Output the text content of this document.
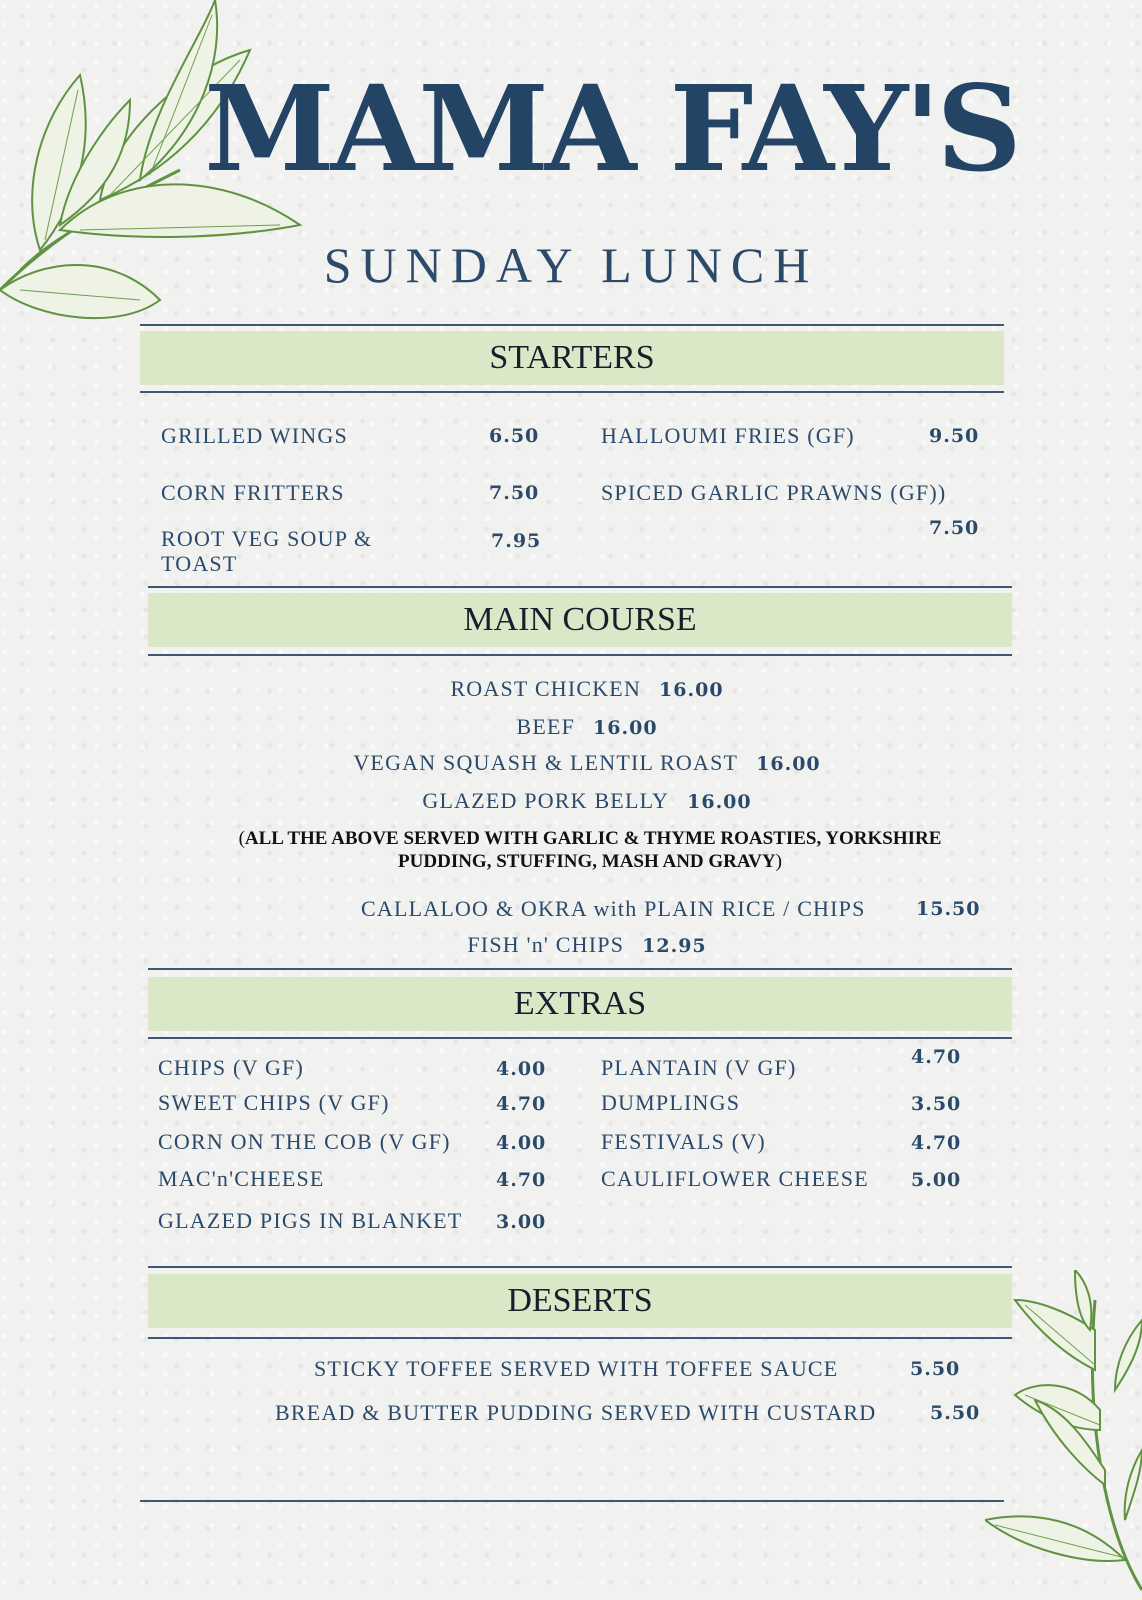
MAMA FAY'S
SUNDAY LUNCH
STARTERS
GRILLED WINGS	6.50
CORN FRITTERS	7.50
ROOT VEG SOUP &
TOAST
7.95
HALLOUMI FRIES (GF)	9.50
SPICED GARLIC PRAWNS (GF))
7.50
MAIN COURSE
ROAST CHICKEN 16.00
BEEF 16.00
VEGAN SQUASH & LENTIL ROAST 16.00
GLAZED PORK BELLY 16.00
(ALL THE ABOVE SERVED WITH GARLIC & THYME ROASTIES, YORKSHIRE PUDDING, STUFFING, MASH AND GRAVY)
CALLALOO & OKRA with PLAIN RICE / CHIPS	15.50
FISH 'n' CHIPS 12.95
EXTRAS
CHIPS (V GF)	4.00
SWEET CHIPS (V GF)	4.70
CORN ON THE COB (V GF) 4.00
MAC'n'CHEESE	4.70
GLAZED PIGS IN BLANKET 3.00
PLANTAIN (V GF)	4.70
DUMPLINGS	3.50
FESTIVALS (V)	4.70
CAULIFLOWER CHEESE 5.00
DESERTS
STICKY TOFFEE SERVED WITH TOFFEE SAUCE	5.50
BREAD & BUTTER PUDDING SERVED WITH CUSTARD	5.50
